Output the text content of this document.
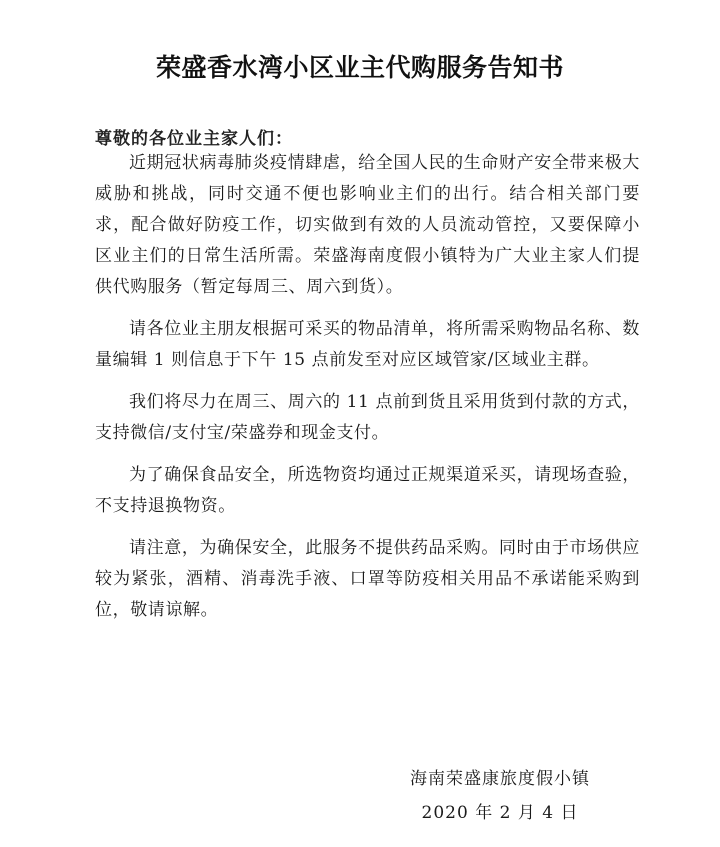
荣盛香水湾小区业主代购服务告知书
尊敬的各位业主家人们：

近期冠状病毒肺炎疫情肆虐，给全国人民的生命财产安全带来极大威胁和挑战，同时交通不便也影响业主们的出行。结合相关部门要求，配合做好防疫工作，切实做到有效的人员流动管控，又要保障小区业主们的日常生活所需。荣盛海南度假小镇特为广大业主家人们提供代购服务（暂定每周三、周六到货）。

请各位业主朋友根据可采买的物品清单，将所需采购物品名称、数量编辑 1 则信息于下午 15 点前发至对应区域管家/区域业主群。

我们将尽力在周三、周六的 11 点前到货且采用货到付款的方式，支持微信/支付宝/荣盛券和现金支付。

为了确保食品安全，所选物资均通过正规渠道采买，请现场查验，不支持退换物资。

请注意，为确保安全，此服务不提供药品采购。同时由于市场供应较为紧张，酒精、消毒洗手液、口罩等防疫相关用品不承诺能采购到位，敬请谅解。

海南荣盛康旅度假小镇
2020 年 2 月 4 日
